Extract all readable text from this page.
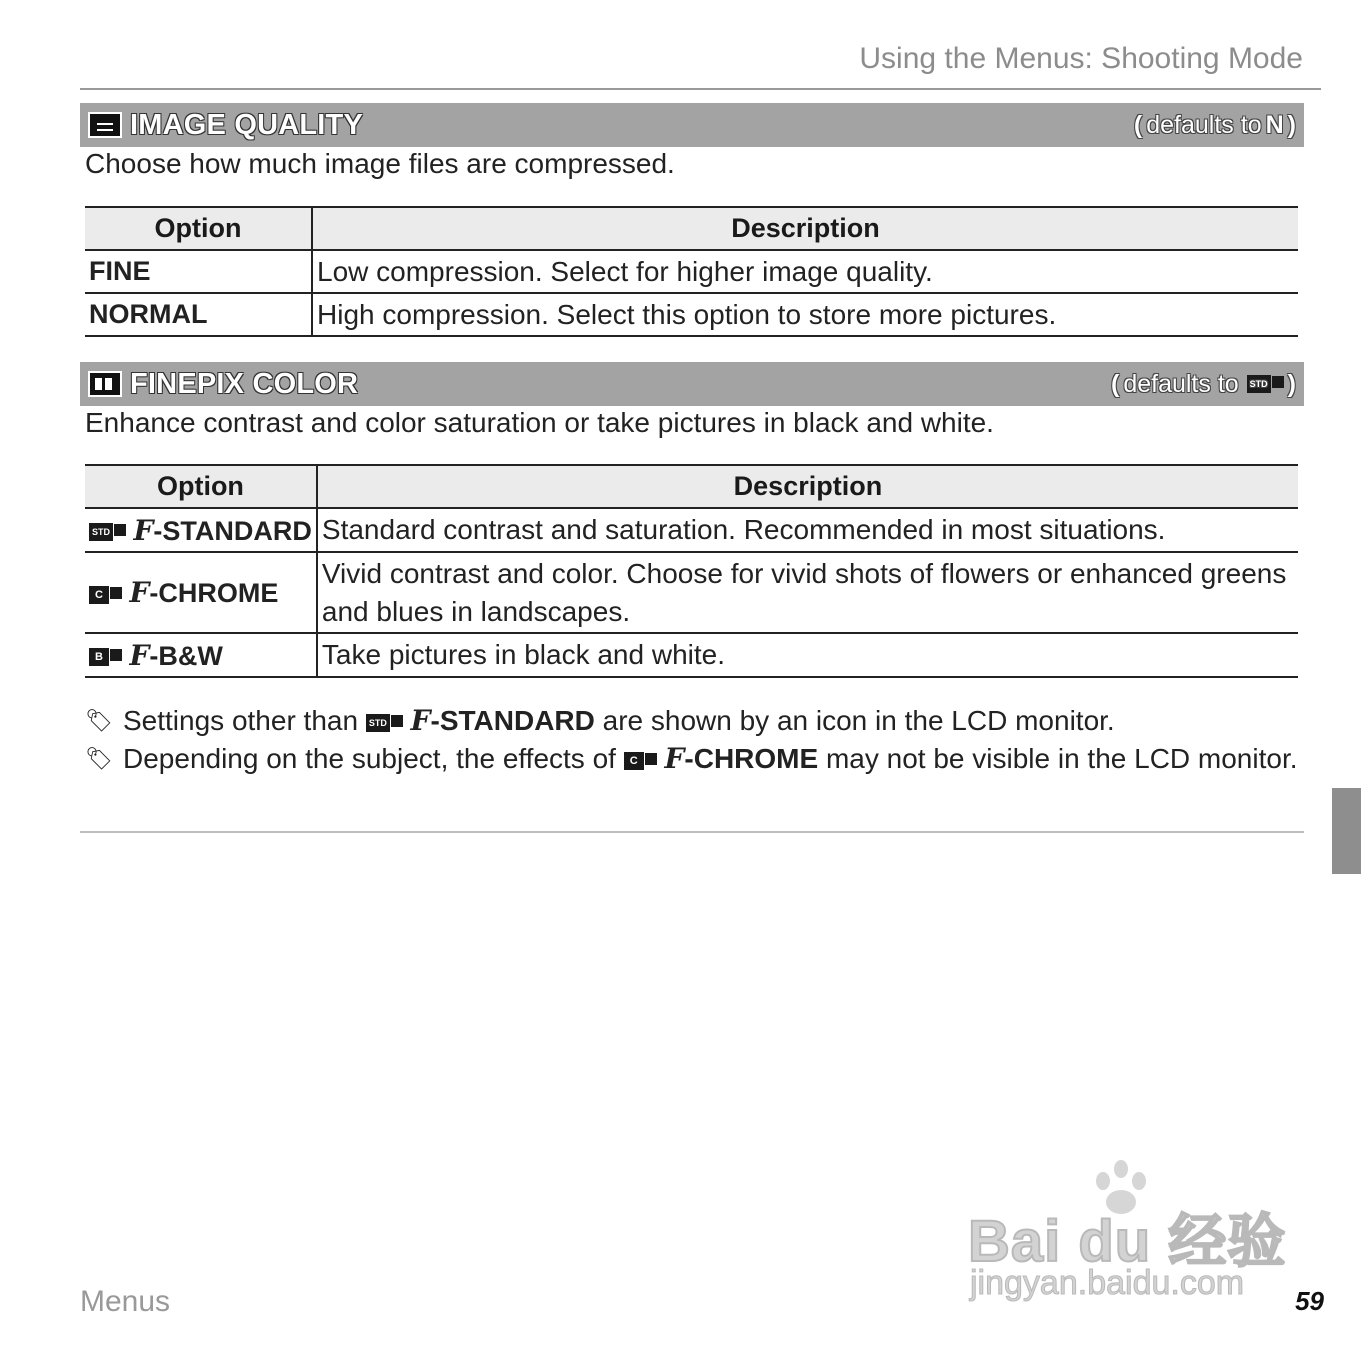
Using the Menus: Shooting Mode
IMAGE QUALITY	( defaults to N )
Choose how much image files are compressed.
Option	Description
FINE	Low compression. Select for higher image quality.
NORMAL	High compression. Select this option to store more pictures.
FINEPIX COLOR	( defaults to	STD )
Enhance contrast and color saturation or take pictures in black and white.
Option	Description

STD F-STANDARD	Standard contrast and saturation. Recommended in most situations.

C F-CHROME	Vivid contrast and color. Choose for vivid shots of flowers or enhanced greens and blues in landscapes.

B F-B&W	Take pictures in black and white.
🏷 Settings other than	STD F-STANDARD are shown by an icon in the LCD monitor.
🏷 Depending on the subject, the effects of	C F-CHROME may not be visible in the LCD monitor.
Bai du 经验
jingyan.baidu.com
Menus	59
